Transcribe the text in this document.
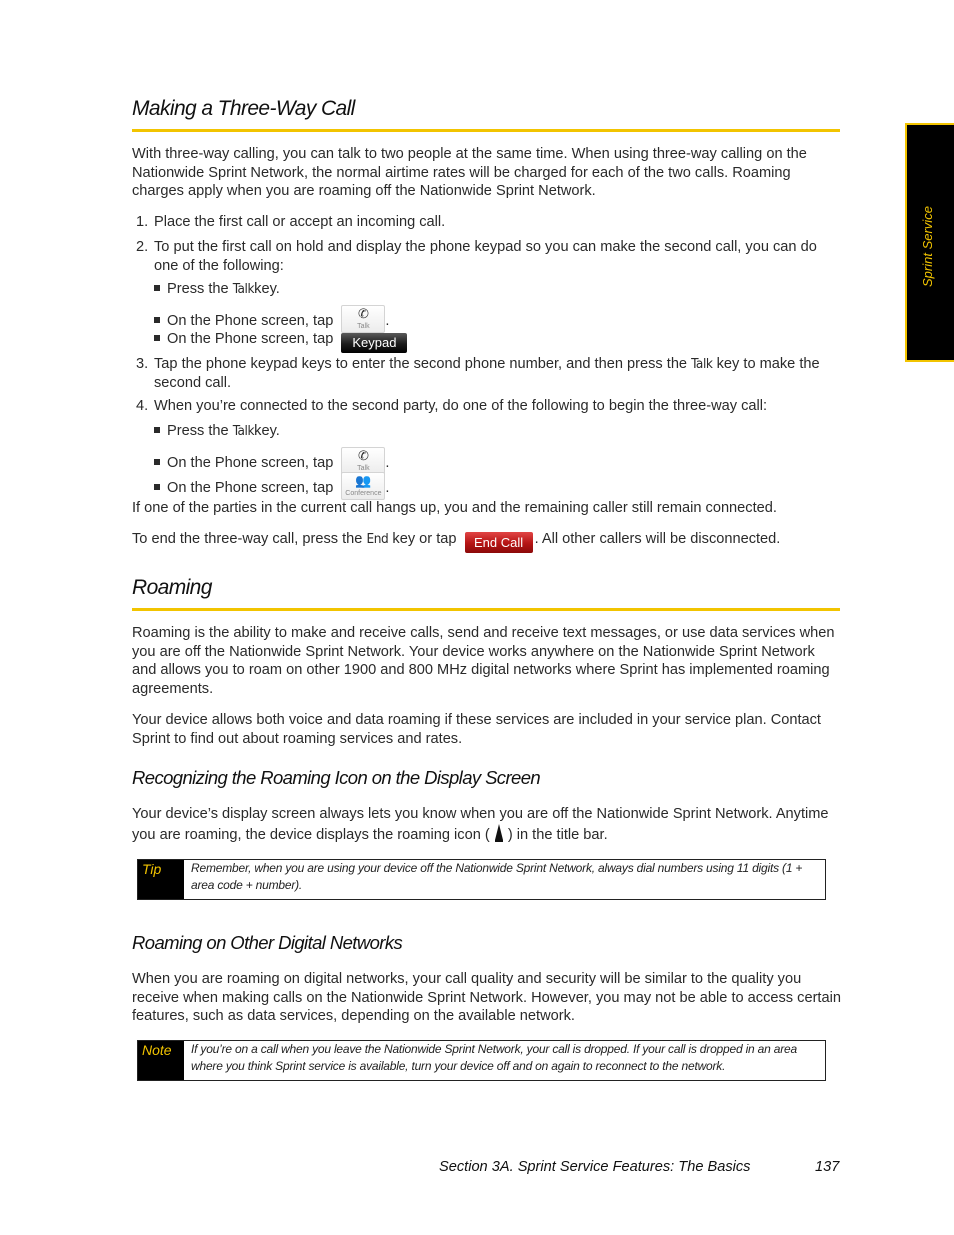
Sprint Service
Making a Three-Way Call
With three-way calling, you can talk to two people at the same time. When using three-way calling on the Nationwide Sprint Network, the normal airtime rates will be charged for each of the two calls. Roaming charges apply when you are roaming off the Nationwide Sprint Network.
1. Place the first call or accept an incoming call.
2. To put the first call on hold and display the phone keypad so you can make the second call, you can do one of the following:
Press the Talkkey.
On the Phone screen, tap	✆
Talk	.
On the Phone screen, tap Keypad
3. Tap the phone keypad keys to enter the second phone number, and then press the Talk key to make the second call.
4. When you’re connected to the second party, do one of the following to begin the three-way call:
Press the Talkkey.
On the Phone screen, tap	✆
Talk	.
On the Phone screen, tap	👥
Conference .
If one of the parties in the current call hangs up, you and the remaining caller still remain connected.
To end the three-way call, press the End key or tap End Call . All other callers will be disconnected.
Roaming
Roaming is the ability to make and receive calls, send and receive text messages, or use data services when you are off the Nationwide Sprint Network. Your device works anywhere on the Nationwide Sprint Network and allows you to roam on other 1900 and 800 MHz digital networks where Sprint has implemented roaming agreements.
Your device allows both voice and data roaming if these services are included in your service plan. Contact Sprint to find out about roaming services and rates.
Recognizing the Roaming Icon on the Display Screen
Your device’s display screen always lets you know when you are off the Nationwide Sprint Network. Anytime you are roaming, the device displays the roaming icon ( ) in the title bar.
Tip	Remember, when you are using your device off the Nationwide Sprint Network, always dial numbers using 11 digits (1 + area code + number).
Roaming on Other Digital Networks
When you are roaming on digital networks, your call quality and security will be similar to the quality you receive when making calls on the Nationwide Sprint Network. However, you may not be able to access certain features, such as data services, depending on the available network.
Note	If you’re on a call when you leave the Nationwide Sprint Network, your call is dropped. If your call is dropped in an area where you think Sprint service is available, turn your device off and on again to reconnect to the network.
Section 3A. Sprint Service Features: The Basics	137
